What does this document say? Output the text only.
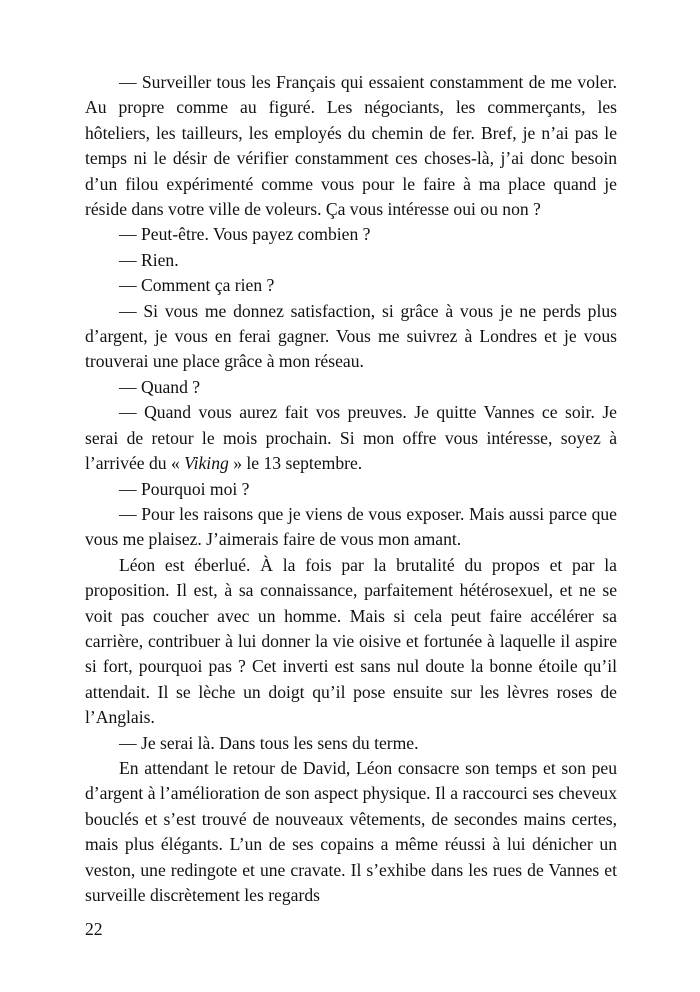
— Surveiller tous les Français qui essaient constamment de me voler. Au propre comme au figuré. Les négociants, les commerçants, les hôteliers, les tailleurs, les employés du chemin de fer. Bref, je n’ai pas le temps ni le désir de vérifier constamment ces choses-là, j’ai donc besoin d’un filou expérimenté comme vous pour le faire à ma place quand je réside dans votre ville de voleurs. Ça vous intéresse oui ou non ?

— Peut-être. Vous payez combien ?

— Rien.

— Comment ça rien ?

— Si vous me donnez satisfaction, si grâce à vous je ne perds plus d’argent, je vous en ferai gagner. Vous me suivrez à Londres et je vous trouverai une place grâce à mon réseau.

— Quand ?

— Quand vous aurez fait vos preuves. Je quitte Vannes ce soir. Je serai de retour le mois prochain. Si mon offre vous intéresse, soyez à l’arrivée du « Viking » le 13 septembre.

— Pourquoi moi ?

— Pour les raisons que je viens de vous exposer. Mais aussi parce que vous me plaisez. J’aimerais faire de vous mon amant.

Léon est éberlué. À la fois par la brutalité du propos et par la proposition. Il est, à sa connaissance, parfaitement hétérosexuel, et ne se voit pas coucher avec un homme. Mais si cela peut faire accélérer sa carrière, contribuer à lui donner la vie oisive et fortunée à laquelle il aspire si fort, pourquoi pas ? Cet inverti est sans nul doute la bonne étoile qu’il attendait. Il se lèche un doigt qu’il pose ensuite sur les lèvres roses de l’Anglais.

— Je serai là. Dans tous les sens du terme.

En attendant le retour de David, Léon consacre son temps et son peu d’argent à l’amélioration de son aspect physique. Il a raccourci ses cheveux bouclés et s’est trouvé de nouveaux vêtements, de secondes mains certes, mais plus élégants. L’un de ses copains a même réussi à lui dénicher un veston, une redingote et une cravate. Il s’exhibe dans les rues de Vannes et surveille discrètement les regards

22
